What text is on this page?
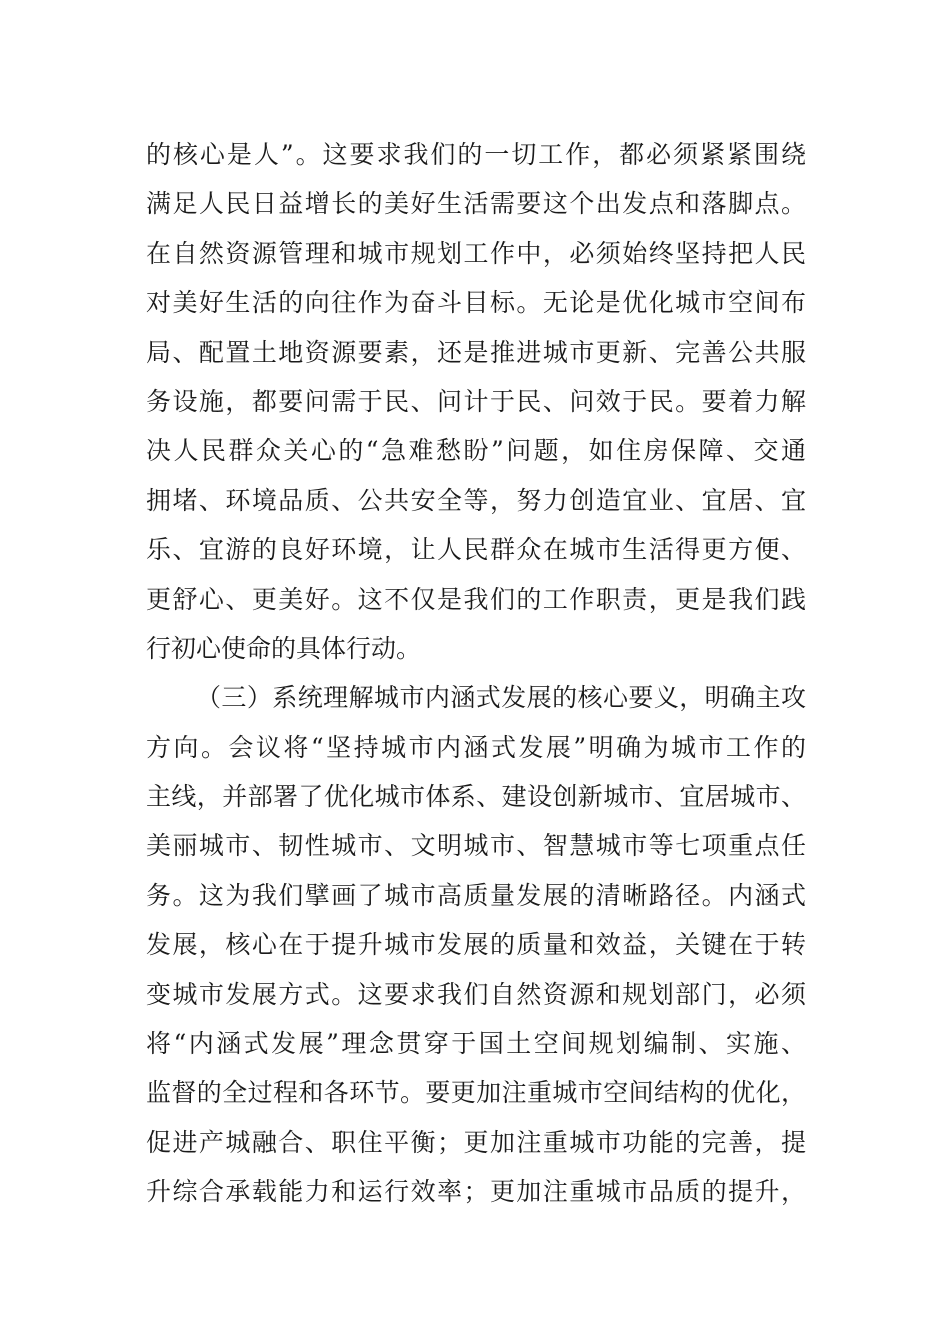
的核心是人”。这要求我们的一切工作，都必须紧紧围绕
满足人民日益增长的美好生活需要这个出发点和落脚点。
在自然资源管理和城市规划工作中，必须始终坚持把人民
对美好生活的向往作为奋斗目标。无论是优化城市空间布
局、配置土地资源要素，还是推进城市更新、完善公共服
务设施，都要问需于民、问计于民、问效于民。要着力解
决人民群众关心的“急难愁盼”问题，如住房保障、交通
拥堵、环境品质、公共安全等，努力创造宜业、宜居、宜
乐、宜游的良好环境，让人民群众在城市生活得更方便、
更舒心、更美好。这不仅是我们的工作职责，更是我们践
行初心使命的具体行动。
（三）系统理解城市内涵式发展的核心要义，明确主攻
方向。会议将“坚持城市内涵式发展”明确为城市工作的
主线，并部署了优化城市体系、建设创新城市、宜居城市、
美丽城市、韧性城市、文明城市、智慧城市等七项重点任
务。这为我们擘画了城市高质量发展的清晰路径。内涵式
发展，核心在于提升城市发展的质量和效益，关键在于转
变城市发展方式。这要求我们自然资源和规划部门，必须
将“内涵式发展”理念贯穿于国土空间规划编制、实施、
监督的全过程和各环节。要更加注重城市空间结构的优化，
促进产城融合、职住平衡；更加注重城市功能的完善，提
升综合承载能力和运行效率；更加注重城市品质的提升，
